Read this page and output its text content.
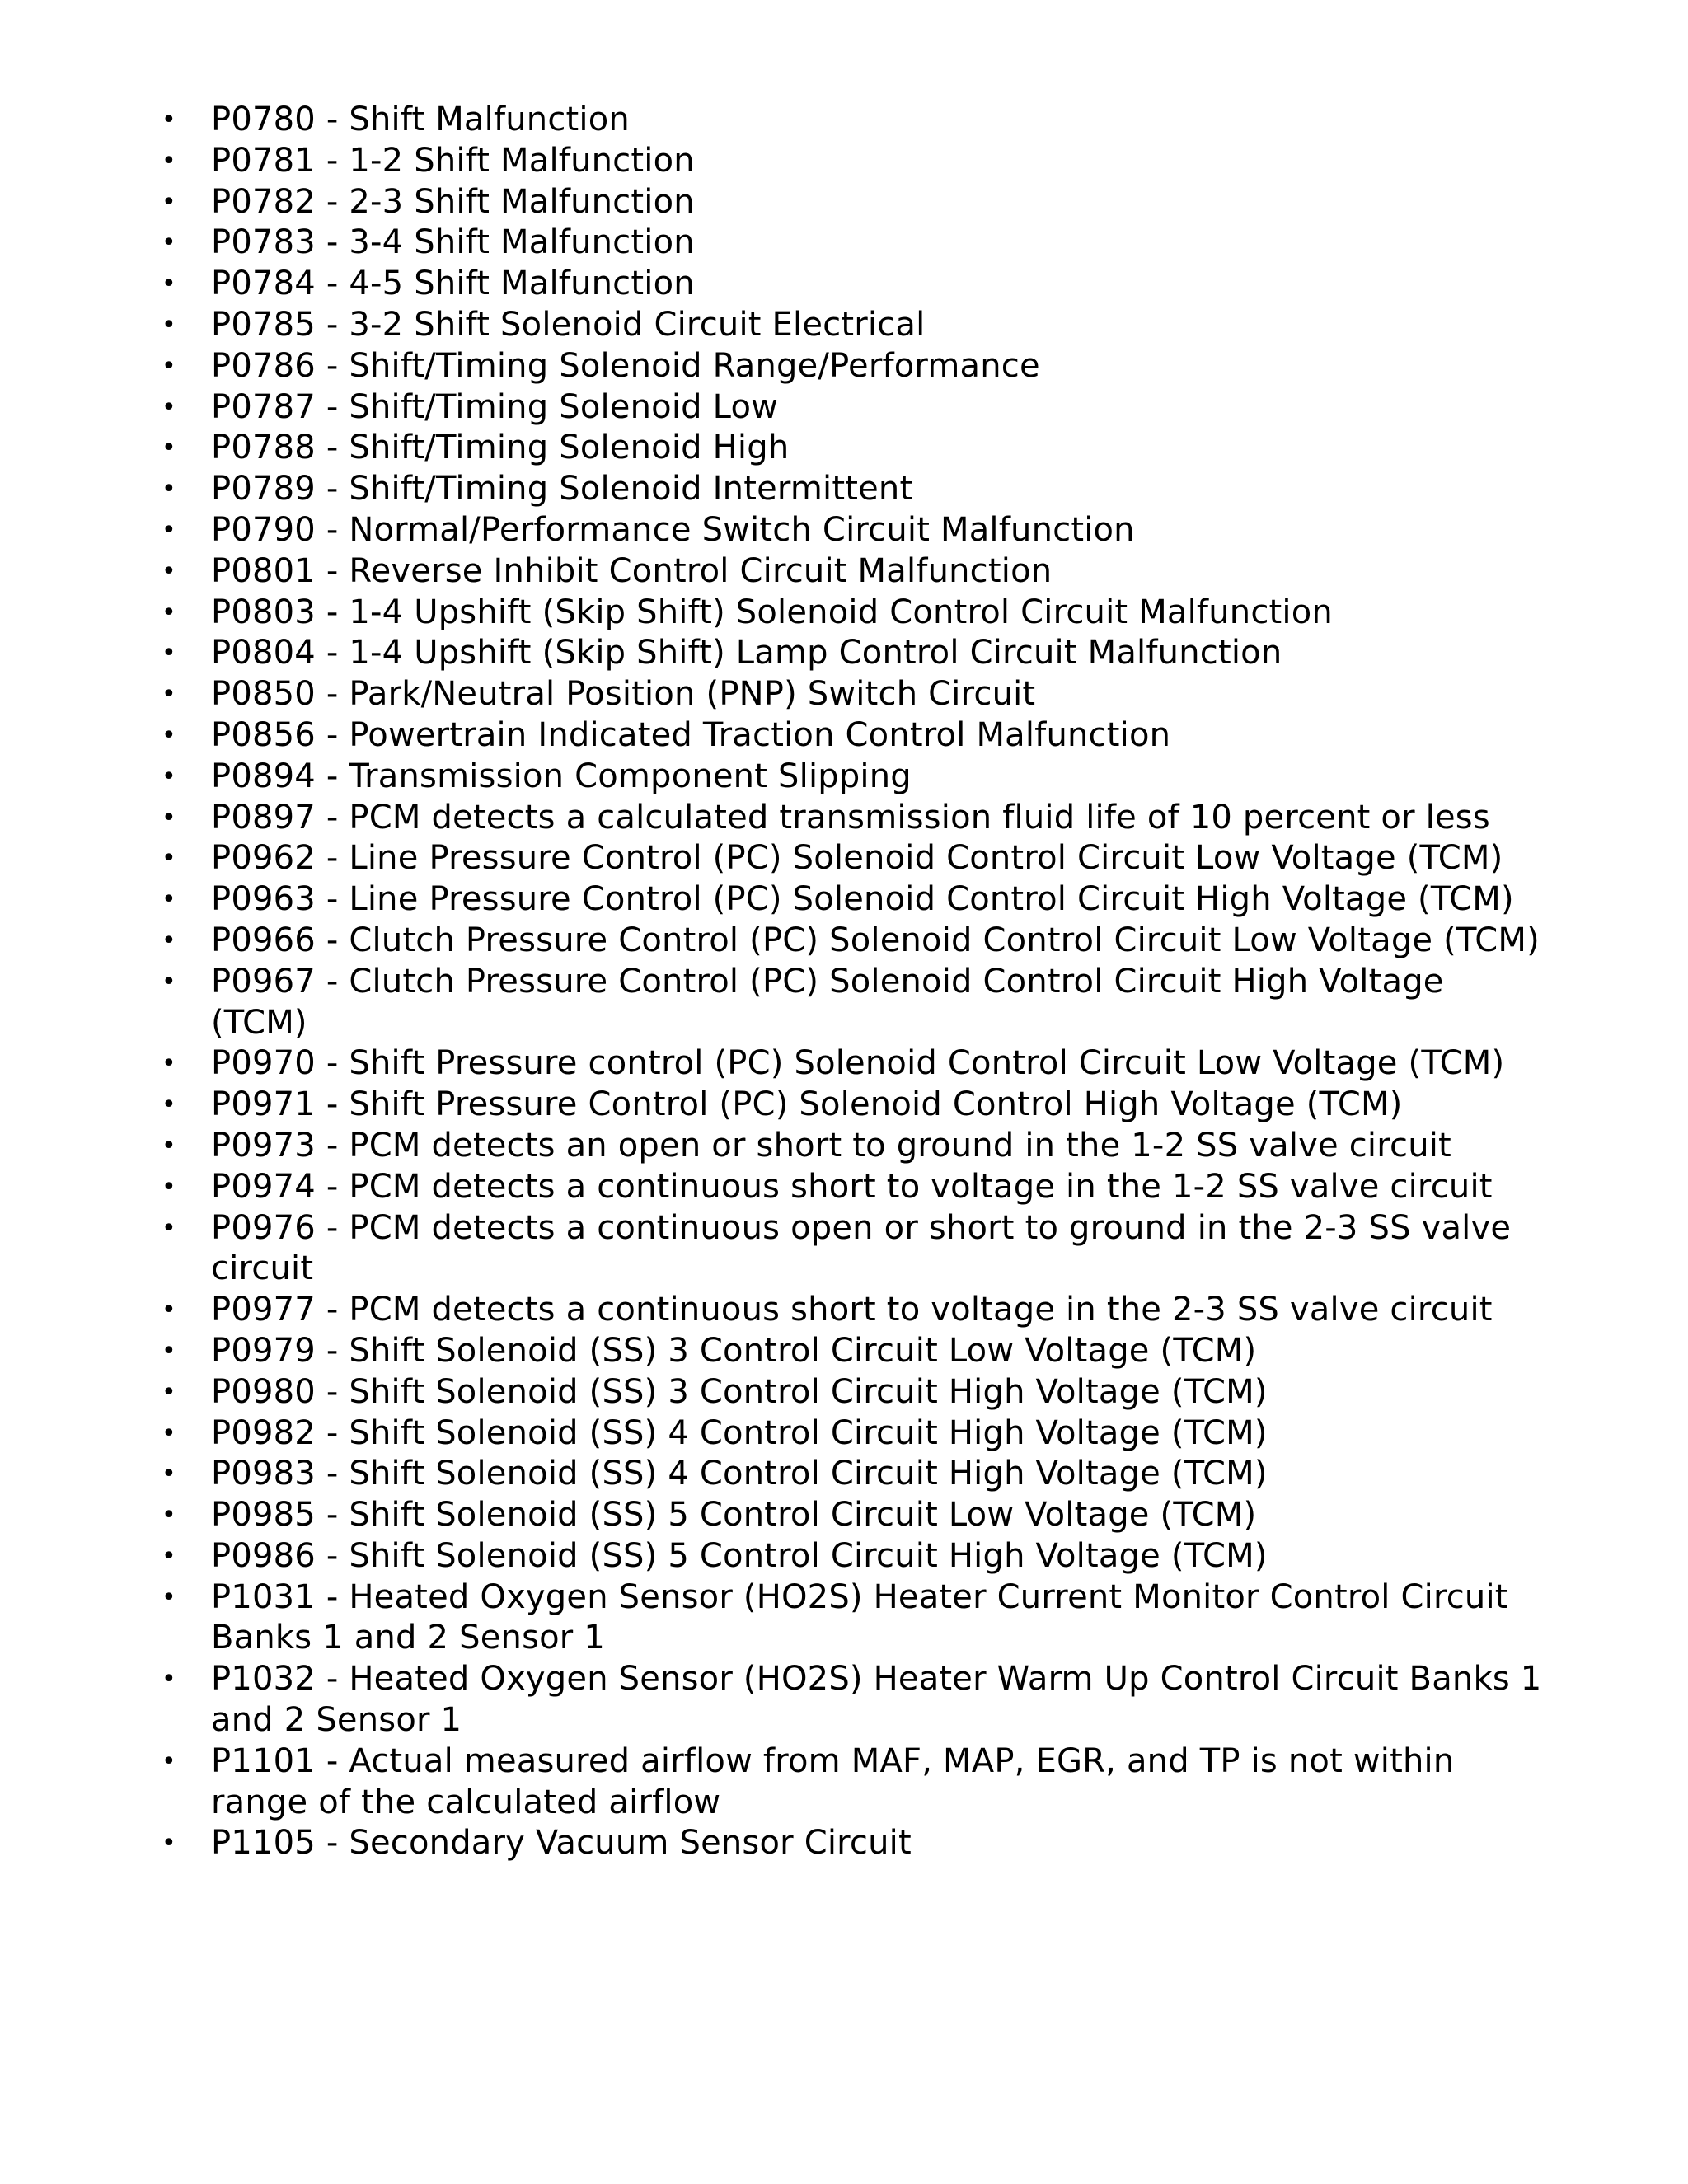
• P0780 - Shift Malfunction
• P0781 - 1-2 Shift Malfunction
• P0782 - 2-3 Shift Malfunction
• P0783 - 3-4 Shift Malfunction
• P0784 - 4-5 Shift Malfunction
• P0785 - 3-2 Shift Solenoid Circuit Electrical
• P0786 - Shift/Timing Solenoid Range/Performance
• P0787 - Shift/Timing Solenoid Low
• P0788 - Shift/Timing Solenoid High
• P0789 - Shift/Timing Solenoid Intermittent
• P0790 - Normal/Performance Switch Circuit Malfunction
• P0801 - Reverse Inhibit Control Circuit Malfunction
• P0803 - 1-4 Upshift (Skip Shift) Solenoid Control Circuit Malfunction
• P0804 - 1-4 Upshift (Skip Shift) Lamp Control Circuit Malfunction
• P0850 - Park/Neutral Position (PNP) Switch Circuit
• P0856 - Powertrain Indicated Traction Control Malfunction
• P0894 - Transmission Component Slipping
• P0897 - PCM detects a calculated transmission fluid life of 10 percent or less
• P0962 - Line Pressure Control (PC) Solenoid Control Circuit Low Voltage (TCM)
• P0963 - Line Pressure Control (PC) Solenoid Control Circuit High Voltage (TCM)
• P0966 - Clutch Pressure Control (PC) Solenoid Control Circuit Low Voltage (TCM)
• P0967 - Clutch Pressure Control (PC) Solenoid Control Circuit High Voltage (TCM)
• P0970 - Shift Pressure control (PC) Solenoid Control Circuit Low Voltage (TCM)
• P0971 - Shift Pressure Control (PC) Solenoid Control High Voltage (TCM)
• P0973 - PCM detects an open or short to ground in the 1-2 SS valve circuit
• P0974 - PCM detects a continuous short to voltage in the 1-2 SS valve circuit
• P0976 - PCM detects a continuous open or short to ground in the 2-3 SS valve circuit
• P0977 - PCM detects a continuous short to voltage in the 2-3 SS valve circuit
• P0979 - Shift Solenoid (SS) 3 Control Circuit Low Voltage (TCM)
• P0980 - Shift Solenoid (SS) 3 Control Circuit High Voltage (TCM)
• P0982 - Shift Solenoid (SS) 4 Control Circuit High Voltage (TCM)
• P0983 - Shift Solenoid (SS) 4 Control Circuit High Voltage (TCM)
• P0985 - Shift Solenoid (SS) 5 Control Circuit Low Voltage (TCM)
• P0986 - Shift Solenoid (SS) 5 Control Circuit High Voltage (TCM)
• P1031 - Heated Oxygen Sensor (HO2S) Heater Current Monitor Control Circuit Banks 1 and 2 Sensor 1
• P1032 - Heated Oxygen Sensor (HO2S) Heater Warm Up Control Circuit Banks 1 and 2 Sensor 1
• P1101 - Actual measured airflow from MAF, MAP, EGR, and TP is not within range of the calculated airflow
• P1105 - Secondary Vacuum Sensor Circuit
